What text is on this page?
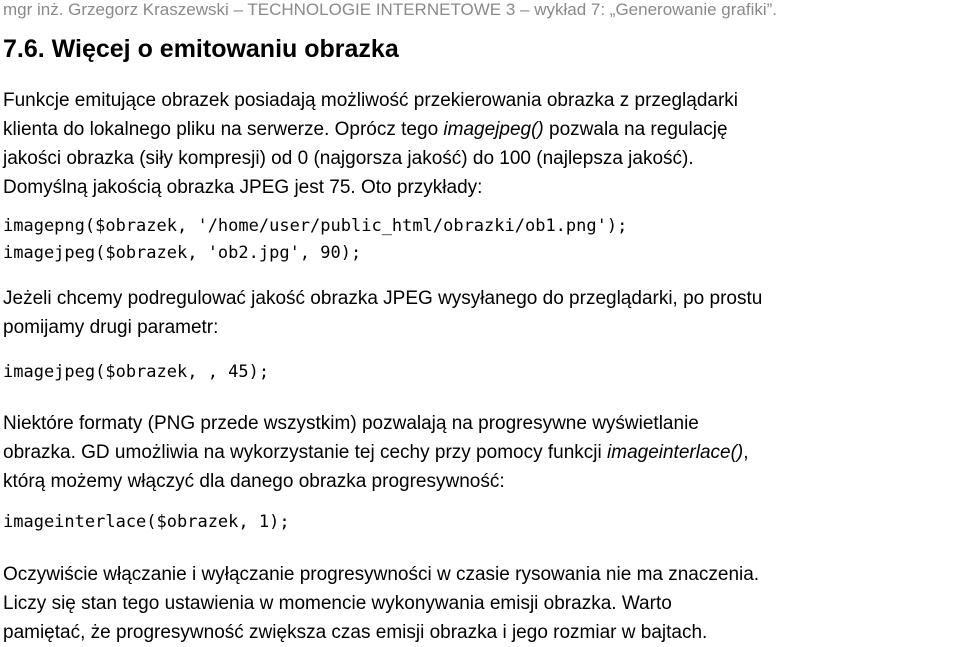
mgr inż. Grzegorz Kraszewski – TECHNOLOGIE INTERNETOWE 3 – wykład 7: „Generowanie grafiki”.
7.6. Więcej o emitowaniu obrazka
Funkcje emitujące obrazek posiadają możliwość przekierowania obrazka z przeglądarki
klienta do lokalnego pliku na serwerze. Oprócz tego imagejpeg() pozwala na regulację
jakości obrazka (siły kompresji) od 0 (najgorsza jakość) do 100 (najlepsza jakość).
Domyślną jakością obrazka JPEG jest 75. Oto przykłady:
imagepng($obrazek, '/home/user/public_html/obrazki/ob1.png');
imagejpeg($obrazek, 'ob2.jpg', 90);
Jeżeli chcemy podregulować jakość obrazka JPEG wysyłanego do przeglądarki, po prostu
pomijamy drugi parametr:
imagejpeg($obrazek, , 45);
Niektóre formaty (PNG przede wszystkim) pozwalają na progresywne wyświetlanie
obrazka. GD umożliwia na wykorzystanie tej cechy przy pomocy funkcji imageinterlace(),
którą możemy włączyć dla danego obrazka progresywność:
imageinterlace($obrazek, 1);
Oczywiście włączanie i wyłączanie progresywności w czasie rysowania nie ma znaczenia.
Liczy się stan tego ustawienia w momencie wykonywania emisji obrazka. Warto
pamiętać, że progresywność zwiększa czas emisji obrazka i jego rozmiar w bajtach.
